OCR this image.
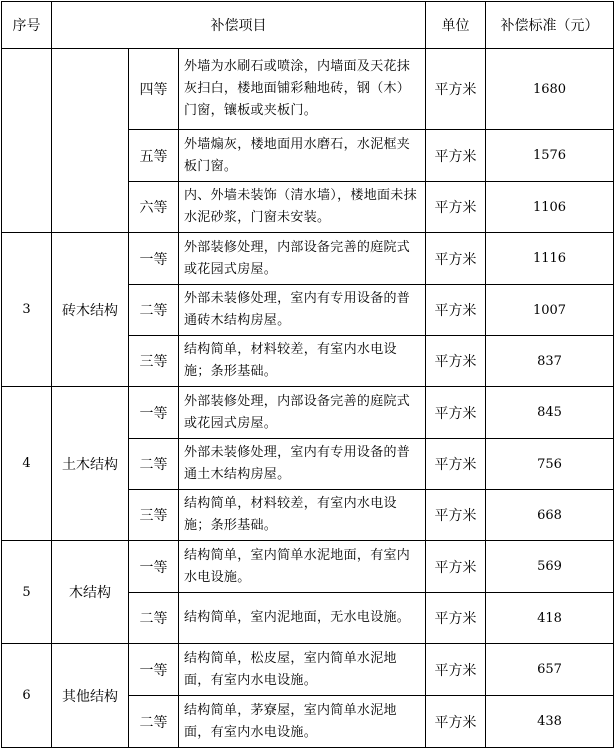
序号	补偿项目			单位	补偿标准（元）
		四等	外墙为水刷石或喷涂，内墙面及天花抹灰扫白，楼地面铺彩釉地砖，钢（木）门窗，镶板或夹板门。	平方米	1680
		五等	外墙煽灰，楼地面用水磨石，水泥框夹板门窗。	平方米	1576
		六等	内、外墙未装饰（清水墙），楼地面未抹水泥砂浆，门窗未安装。	平方米	1106
3	砖木结构	一等	外部装修处理，内部设备完善的庭院式或花园式房屋。	平方米	1116
		二等	外部未装修处理，室内有专用设备的普通砖木结构房屋。	平方米	1007
		三等	结构简单，材料较差，有室内水电设施；条形基础。	平方米	837
4	土木结构	一等	外部装修处理，内部设备完善的庭院式或花园式房屋。	平方米	845
		二等	外部未装修处理，室内有专用设备的普通土木结构房屋。	平方米	756
		三等	结构简单，材料较差，有室内水电设施；条形基础。	平方米	668
5	木结构	一等	结构简单，室内简单水泥地面，有室内水电设施。	平方米	569
		二等	结构简单，室内泥地面，无水电设施。	平方米	418
6	其他结构	一等	结构简单，松皮屋，室内简单水泥地面，有室内水电设施。	平方米	657
		二等	结构简单，茅寮屋，室内简单水泥地面，有室内水电设施。	平方米	438
